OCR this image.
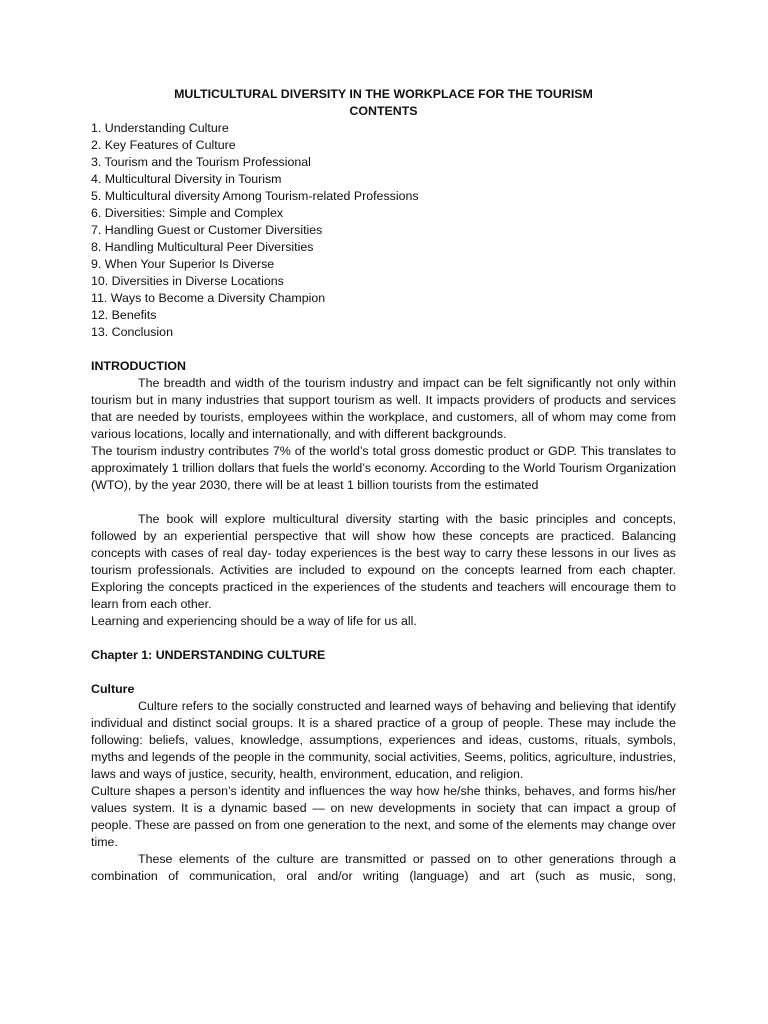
MULTICULTURAL DIVERSITY IN THE WORKPLACE FOR THE TOURISM

CONTENTS

1. Understanding Culture
2. Key Features of Culture
3. Tourism and the Tourism Professional
4. Multicultural Diversity in Tourism
5. Multicultural diversity Among Tourism-related Professions
6. Diversities: Simple and Complex
7. Handling Guest or Customer Diversities
8. Handling Multicultural Peer Diversities
9. When Your Superior Is Diverse
10. Diversities in Diverse Locations
11. Ways to Become a Diversity Champion
12. Benefits
13. Conclusion

INTRODUCTION

The breadth and width of the tourism industry and impact can be felt significantly not only within tourism but in many industries that support tourism as well. It impacts providers of products and services that are needed by tourists, employees within the workplace, and customers, all of whom may come from various locations, locally and internationally, and with different backgrounds.

The tourism industry contributes 7% of the world’s total gross domestic product or GDP. This translates to approximately 1 trillion dollars that fuels the world’s economy. According to the World Tourism Organization (WTO), by the year 2030, there will be at least 1 billion tourists from the estimated

The book will explore multicultural diversity starting with the basic principles and concepts, followed by an experiential perspective that will show how these concepts are practiced. Balancing concepts with cases of real day- today experiences is the best way to carry these lessons in our lives as tourism professionals. Activities are included to expound on the concepts learned from each chapter. Exploring the concepts practiced in the experiences of the students and teachers will encourage them to learn from each other.

Learning and experiencing should be a way of life for us all.

Chapter 1: UNDERSTANDING CULTURE

Culture

Culture refers to the socially constructed and learned ways of behaving and believing that identify individual and distinct social groups. It is a shared practice of a group of people. These may include the following: beliefs, values, knowledge, assumptions, experiences and ideas, customs, rituals, symbols, myths and legends of the people in the community, social activities, Seems, politics, agriculture, industries, laws and ways of justice, security, health, environment, education, and religion.

Culture shapes a person’s identity and influences the way how he/she thinks, behaves, and forms his/her values system. It is a dynamic based — on new developments in society that can impact a group of people. These are passed on from one generation to the next, and some of the elements may change over time.

These elements of the culture are transmitted or passed on to other generations through a combination of communication, oral and/or writing (language) and art (such as music, song,
